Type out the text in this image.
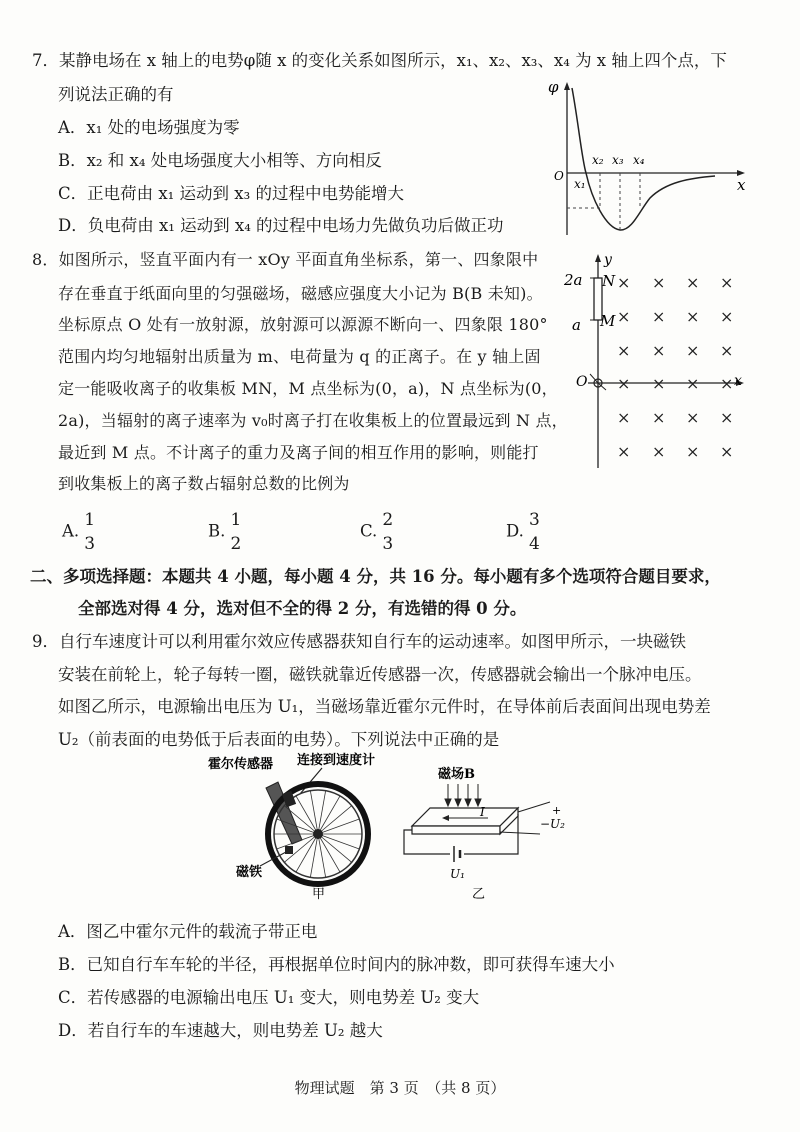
7．某静电场在 x 轴上的电势φ随 x 的变化关系如图所示，x₁、x₂、x₃、x₄ 为 x 轴上四个点，下
列说法正确的有
A．x₁ 处的电场强度为零
B．x₂ 和 x₄ 处电场强度大小相等、方向相反
C．正电荷由 x₁ 运动到 x₃ 的过程中电势能增大
D．负电荷由 x₁ 运动到 x₄ 的过程中电场力先做负功后做正功
φ
x
O
x₁
x₂ x₃ x₄
8．如图所示，竖直平面内有一 xOy 平面直角坐标系，第一、四象限中
存在垂直于纸面向里的匀强磁场，磁感应强度大小记为 B(B 未知)。
坐标原点 O 处有一放射源，放射源可以源源不断向一、四象限 180°
范围内均匀地辐射出质量为 m、电荷量为 q 的正离子。在 y 轴上固
定一能吸收离子的收集板 MN，M 点坐标为(0，a)，N 点坐标为(0，
2a)，当辐射的离子速率为 v₀时离子打在收集板上的位置最远到 N 点，
最近到 M 点。不计离子的重力及离子间的相互作用的影响，则能打
到收集板上的离子数占辐射总数的比例为
A.
1
3
B.
1
2
C.
2
3
D.
3
4
y
x
O
2a
a
N
M
× × × ×
× × × ×
× × × ×
× × × ×
× × × ×
× × × ×
二、多项选择题：本题共 4 小题，每小题 4 分，共 16 分。每小题有多个选项符合题目要求，
全部选对得 4 分，选对但不全的得 2 分，有选错的得 0 分。
9．自行车速度计可以利用霍尔效应传感器获知自行车的运动速率。如图甲所示，一块磁铁
安装在前轮上，轮子每转一圈，磁铁就靠近传感器一次，传感器就会输出一个脉冲电压。
如图乙所示，电源输出电压为 U₁，当磁场靠近霍尔元件时，在导体前后表面间出现电势差
U₂（前表面的电势低于后表面的电势）。下列说法中正确的是
霍尔传感器 连接到速度计
磁铁
甲
磁场B
I	+
− U₂
U₁
乙
A．图乙中霍尔元件的载流子带正电
B．已知自行车车轮的半径，再根据单位时间内的脉冲数，即可获得车速大小
C．若传感器的电源输出电压 U₁ 变大，则电势差 U₂ 变大
D．若自行车的车速越大，则电势差 U₂ 越大
物理试题　第 3 页　（共 8 页）
